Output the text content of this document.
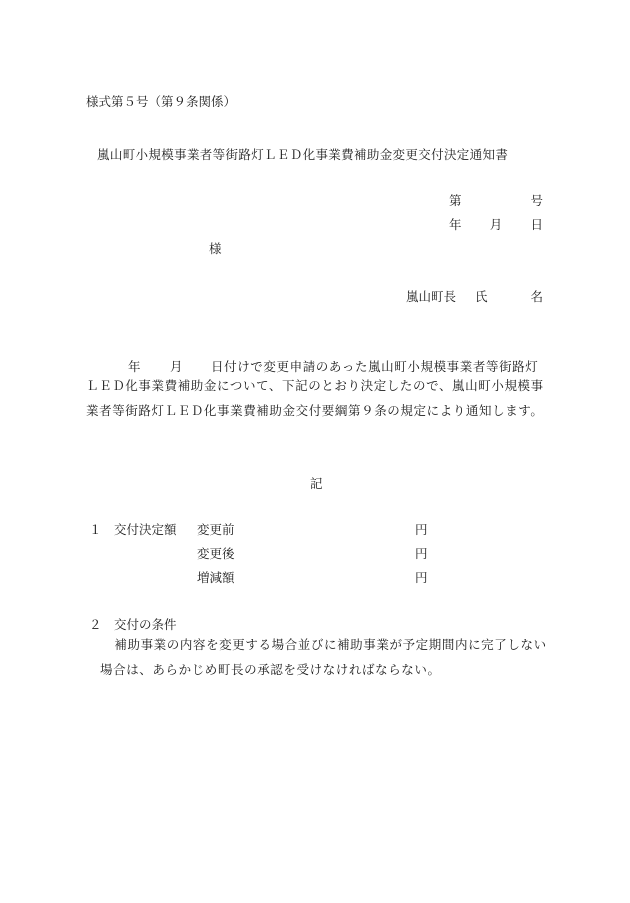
様式第５号（第９条関係）
嵐山町小規模事業者等街路灯ＬＥＤ化事業費補助金変更交付決定通知書
第	号
年 月 日
様
嵐山町長 氏	名
年 月 日付けで変更申請のあった嵐山町小規模事業者等街路灯

ＬＥＤ化事業費補助金について、下記のとおり決定したので、嵐山町小規模事業者等街路灯ＬＥＤ化事業費補助金交付要綱第９条の規定により通知します。

記
１ 交付決定額 変更前	円
変更後	円
増減額	円
２ 交付の条件

補助事業の内容を変更する場合並びに補助事業が予定期間内に完了しない場合は、あらかじめ町長の承認を受けなければならない。
